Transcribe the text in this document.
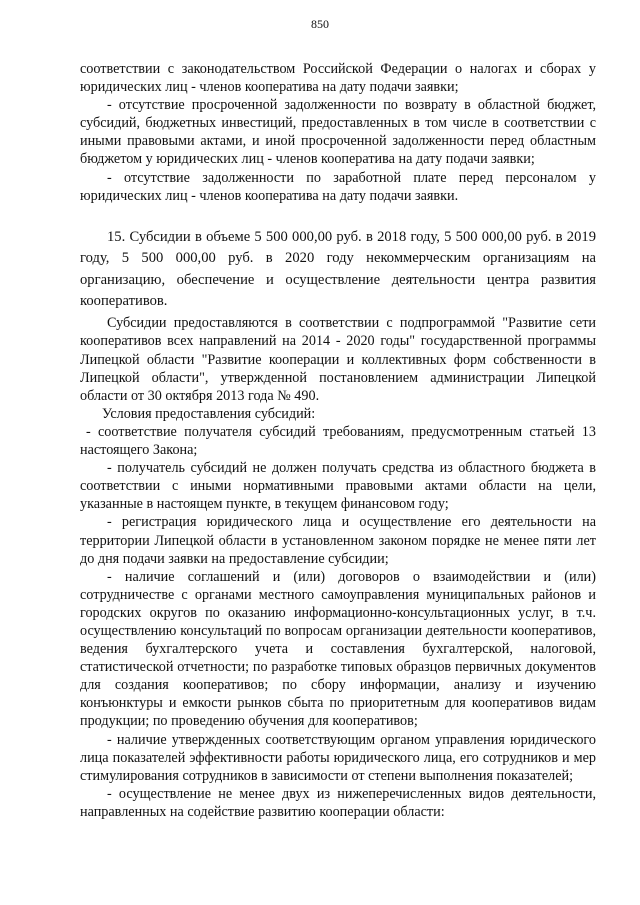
850

соответствии с законодательством Российской Федерации о налогах и сборах у юридических лиц - членов кооператива на дату подачи заявки;

- отсутствие просроченной задолженности по возврату в областной бюджет, субсидий, бюджетных инвестиций, предоставленных в том числе в соответствии с иными правовыми актами, и иной просроченной задолженности перед областным бюджетом у юридических лиц - членов кооператива на дату подачи заявки;

- отсутствие задолженности по заработной плате перед персоналом у юридических лиц - членов кооператива на дату подачи заявки.

15. Субсидии в объеме 5 500 000,00 руб. в 2018 году, 5 500 000,00 руб. в 2019 году, 5 500 000,00 руб. в 2020 году некоммерческим организациям на организацию, обеспечение и осуществление деятельности центра развития кооперативов.

Субсидии предоставляются в соответствии с подпрограммой "Развитие сети кооперативов всех направлений на 2014 - 2020 годы" государственной программы Липецкой области "Развитие кооперации и коллективных форм собственности в Липецкой области", утвержденной постановлением администрации Липецкой области от 30 октября 2013 года № 490.

Условия предоставления субсидий:

- соответствие получателя субсидий требованиям, предусмотренным статьей 13 настоящего Закона;

- получатель субсидий не должен получать средства из областного бюджета в соответствии с иными нормативными правовыми актами области на цели, указанные в настоящем пункте, в текущем финансовом году;

- регистрация юридического лица и осуществление его деятельности на территории Липецкой области в установленном законом порядке не менее пяти лет до дня подачи заявки на предоставление субсидии;

- наличие соглашений и (или) договоров о взаимодействии и (или) сотрудничестве с органами местного самоуправления муниципальных районов и городских округов по оказанию информационно-консультационных услуг, в т.ч. осуществлению консультаций по вопросам организации деятельности кооперативов, ведения бухгалтерского учета и составления бухгалтерской, налоговой, статистической отчетности; по разработке типовых образцов первичных документов для создания кооперативов; по сбору информации, анализу и изучению конъюнктуры и емкости рынков сбыта по приоритетным для кооперативов видам продукции; по проведению обучения для кооперативов;

- наличие утвержденных соответствующим органом управления юридического лица показателей эффективности работы юридического лица, его сотрудников и мер стимулирования сотрудников в зависимости от степени выполнения показателей;

- осуществление не менее двух из нижеперечисленных видов деятельности, направленных на содействие развитию кооперации области:
